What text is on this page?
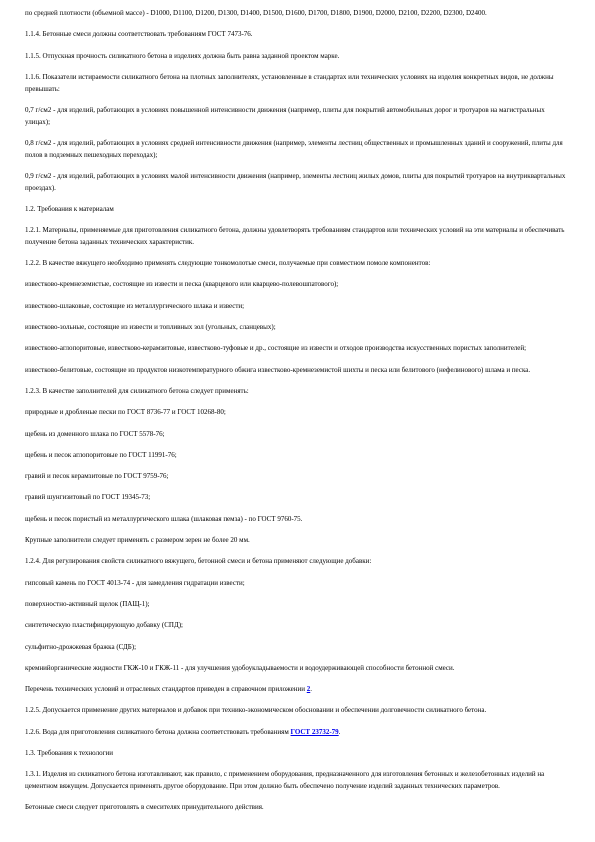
по средней плотности (объемной массе) - D1000, D1100, D1200, D1300, D1400, D1500, D1600, D1700, D1800, D1900, D2000, D2100, D2200, D2300, D2400.

1.1.4. Бетонные смеси должны соответствовать требованиям ГОСТ 7473-76.

1.1.5. Отпускная прочность силикатного бетона в изделиях должна быть равна заданной проектом марке.

1.1.6. Показатели истираемости силикатного бетона на плотных заполнителях, установленные в стандартах или технических условиях на изделия конкретных видов, не должны превышать:

0,7 г/см2 - для изделий, работающих в условиях повышенной интенсивности движения (например, плиты для покрытий автомобильных дорог и тротуаров на магистральных улицах);

0,8 г/см2 - для изделий, работающих в условиях средней интенсивности движения (например, элементы лестниц общественных и промышленных зданий и сооружений, плиты для полов в подземных пешеходных переходах);

0,9 г/см2 - для изделий, работающих в условиях малой интенсивности движения (например, элементы лестниц жилых домов, плиты для покрытий тротуаров на внутриквартальных проездах).

1.2. Требования к материалам

1.2.1. Материалы, применяемые для приготовления силикатного бетона, должны удовлетворять требованиям стандартов или технических условий на эти материалы и обеспечивать получение бетона заданных технических характеристик.

1.2.2. В качестве вяжущего необходимо применять следующие тонкомолотые смеси, получаемые при совместном помоле компонентов:

известково-кремнеземистые, состоящие из извести и песка (кварцевого или кварцево-полевошпатового);

известково-шлаковые, состоящие из металлургического шлака и извести;

известково-зольные, состоящие из извести и топливных зол (угольных, сланцевых);

известково-аглопоритовые, известково-керамзитовые, известково-туфовые и др., состоящие из извести и отходов производства искусственных пористых заполнителей;

известково-белитовые, состоящие из продуктов низкотемпературного обжига известково-кремнеземистой шихты и песка или белитового (нефелинового) шлама и песка.

1.2.3. В качестве заполнителей для силикатного бетона следует применять:

природные и дробленые пески по ГОСТ 8736-77 и ГОСТ 10268-80;

щебень из доменного шлака по ГОСТ 5578-76;

щебень и песок аглопоритовые по ГОСТ 11991-76;

гравий и песок керамзитовые по ГОСТ 9759-76;

гравий шунгизитовый по ГОСТ 19345-73;

щебень и песок пористый из металлургического шлака (шлаковая пемза) - по ГОСТ 9760-75.

Крупные заполнители следует применять с размером зерен не более 20 мм.

1.2.4. Для регулирования свойств силикатного вяжущего, бетонной смеси и бетона применяют следующие добавки:

гипсовый камень по ГОСТ 4013-74 - для замедления гидратации извести;

поверхностно-активный щелок (ПАЩ-1);

синтетическую пластифицирующую добавку (СПД);

сульфитно-дрожжевая бражка (СДБ);

кремнийорганические жидкости ГКЖ-10 и ГКЖ-11 - для улучшения удобоукладываемости и водоудерживающей способности бетонной смеси.

Перечень технических условий и отраслевых стандартов приведен в справочном приложении 2.

1.2.5. Допускается применение других материалов и добавок при технико-экономическом обосновании и обеспечении долговечности силикатного бетона.

1.2.6. Вода для приготовления силикатного бетона должна соответствовать требованиям ГОСТ 23732-79.

1.3. Требования к технологии

1.3.1. Изделия из силикатного бетона изготавливают, как правило, с применением оборудования, предназначенного для изготовления бетонных и железобетонных изделий на цементном вяжущем. Допускается применять другое оборудование. При этом должно быть обеспечено получение изделий заданных технических параметров.

Бетонные смеси следует приготовлять в смесителях принудительного действия.
